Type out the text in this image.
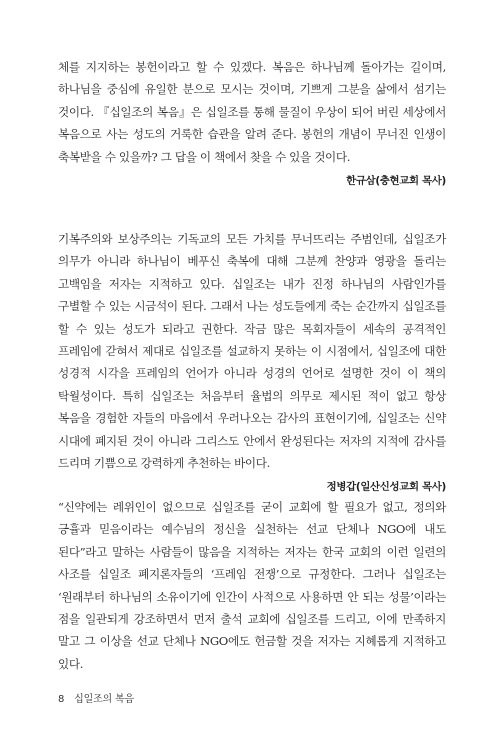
체를 지지하는 봉헌이라고 할 수 있겠다. 복음은 하나님께 돌아가는 길이며, 하나님을 중심에 유일한 분으로 모시는 것이며, 기쁘게 그분을 삶에서 섬기는 것이다. 『십일조의 복음』은 십일조를 통해 물질이 우상이 되어 버린 세상에서 복음으로 사는 성도의 거룩한 습관을 알려 준다. 봉헌의 개념이 무너진 인생이 축복받을 수 있을까? 그 답을 이 책에서 찾을 수 있을 것이다.

한규삼(충현교회 목사)

기복주의와 보상주의는 기독교의 모든 가치를 무너뜨리는 주범인데, 십일조가 의무가 아니라 하나님이 베푸신 축복에 대해 그분께 찬양과 영광을 돌리는 고백임을 저자는 지적하고 있다. 십일조는 내가 진정 하나님의 사람인가를 구별할 수 있는 시금석이 된다. 그래서 나는 성도들에게 죽는 순간까지 십일조를 할 수 있는 성도가 되라고 권한다. 작금 많은 목회자들이 세속의 공격적인 프레임에 갇혀서 제대로 십일조를 설교하지 못하는 이 시점에서, 십일조에 대한 성경적 시각을 프레임의 언어가 아니라 성경의 언어로 설명한 것이 이 책의 탁월성이다. 특히 십일조는 처음부터 율법의 의무로 제시된 적이 없고 항상 복음을 경험한 자들의 마음에서 우러나오는 감사의 표현이기에, 십일조는 신약 시대에 폐지된 것이 아니라 그리스도 안에서 완성된다는 저자의 지적에 감사를 드리며 기쁨으로 강력하게 추천하는 바이다.

정병갑(일산신성교회 목사)

“신약에는 레위인이 없으므로 십일조를 굳이 교회에 할 필요가 없고, 정의와 긍휼과 믿음이라는 예수님의 정신을 실천하는 선교 단체나 NGO에 내도 된다”라고 말하는 사람들이 많음을 지적하는 저자는 한국 교회의 이런 일련의 사조를 십일조 폐지론자들의 ‘프레임 전쟁’으로 규정한다. 그러나 십일조는 ‘원래부터 하나님의 소유이기에 인간이 사적으로 사용하면 안 되는 성물’이라는 점을 일관되게 강조하면서 먼저 출석 교회에 십일조를 드리고, 이에 만족하지 말고 그 이상을 선교 단체나 NGO에도 헌금할 것을 저자는 지혜롭게 지적하고 있다.

8 십일조의 복음
